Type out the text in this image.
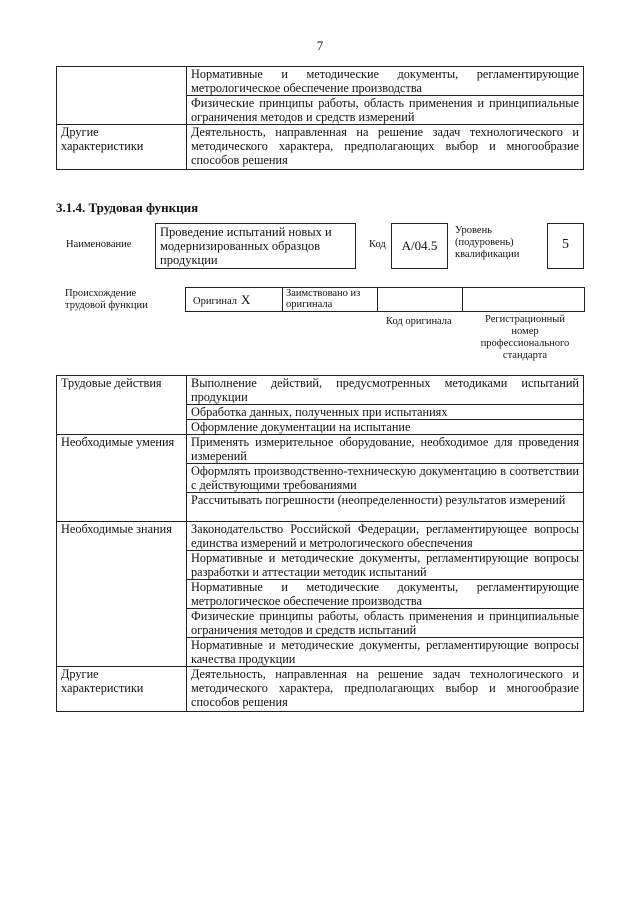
7
	Нормативные и методические документы, регламентирующие метрологическое обеспечение производства
	Физические принципы работы, область применения и принципиальные ограничения методов и средств измерений
Другие характеристики	Деятельность, направленная на решение задач технологического и методического характера, предполагающих выбор и многообразие способов решения
3.1.4. Трудовая функция
Наименование
Проведение испытаний новых и модернизированных образцов продукции
Код	А/04.5
Уровень (подуровень) квалификации
5
Происхождение трудовой функции	Оригинал X	Заимствовано из оригинала
Код оригинала	Регистрационный номер профессионального стандарта
Трудовые действия	Выполнение действий, предусмотренных методиками испытаний продукции
	Обработка данных, полученных при испытаниях
	Оформление документации на испытание
Необходимые умения	Применять измерительное оборудование, необходимое для проведения измерений
	Оформлять производственно-техническую документацию в соответствии с действующими требованиями
	Рассчитывать погрешности (неопределенности) результатов измерений
Необходимые знания	Законодательство Российской Федерации, регламентирующее вопросы единства измерений и метрологического обеспечения
	Нормативные и методические документы, регламентирующие вопросы разработки и аттестации методик испытаний
	Нормативные и методические документы, регламентирующие метрологическое обеспечение производства
	Физические принципы работы, область применения и принципиальные ограничения методов и средств испытаний
	Нормативные и методические документы, регламентирующие вопросы качества продукции
Другие характеристики	Деятельность, направленная на решение задач технологического и методического характера, предполагающих выбор и многообразие способов решения
